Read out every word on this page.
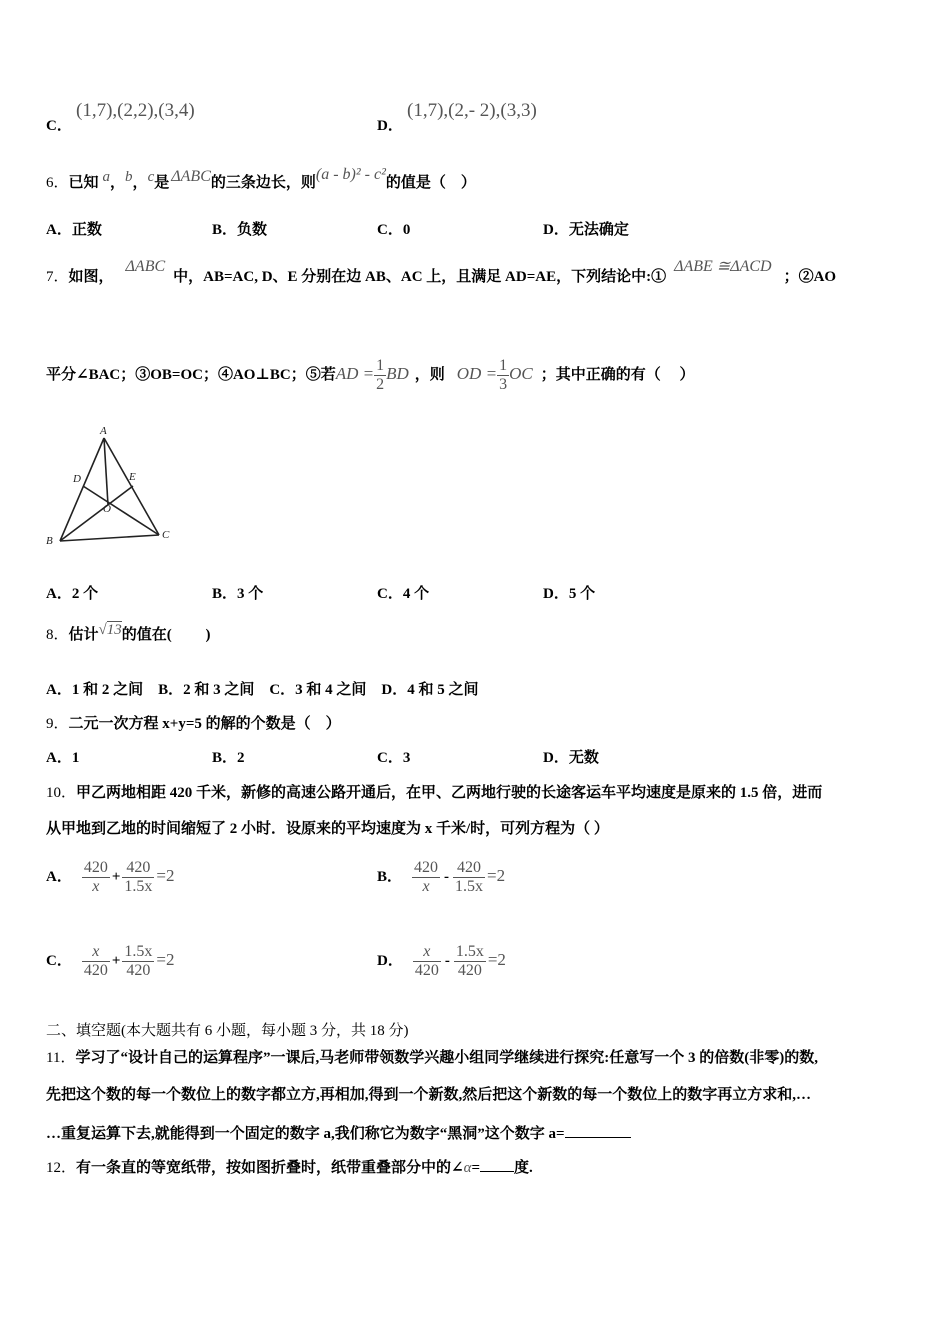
C．
(1,7),(2,2),(3,4)
D．
(1,7),(2,- 2),(3,3)
6．已知 a，b，c是 ΔABC的三条边长，则(a - b)² - c²的值是（　）
A．正数	B．负数	C．0	D．无法确定
7．如图，ΔABC中，AB=AC, D、E 分别在边 AB、AC 上，且满足 AD=AE，下列结论中:①ΔABE ≅ΔACD；②AO
平分∠BAC；③OB=OC；④AO⊥BC；⑤若AD = $\frac{1}{2}$ BD ，则 OD = $\frac{1}{3}$ OC ；其中正确的有（　 ）
A
B	C
D	E
O
A．2 个	B．3 个	C．4 个	D．5 个
8．估计√13的值在(　　 )
A．1 和 2 之间　B．2 和 3 之间　C．3 和 4 之间　D．4 和 5 之间
9．二元一次方程 x+y=5 的解的个数是（　）
A．1	B．2	C．3	D．无数
10．甲乙两地相距 420 千米，新修的高速公路开通后，在甲、乙两地行驶的长途客运车平均速度是原来的 1.5 倍，进而
从甲地到乙地的时间缩短了 2 小时．设原来的平均速度为 x 千米/时，可列方程为（ ）
A． $\frac{420}{x} + \frac{420}{1.5x} =2$	B． $\frac{420}{x} - \frac{420}{1.5x} =2$
C． $\frac{x}{420} + \frac{1.5x}{420} =2$	D． $\frac{x}{420} - \frac{1.5x}{420} =2$
二、填空题(本大题共有 6 小题，每小题 3 分，共 18 分)
11．学习了“设计自己的运算程序”一课后,马老师带领数学兴趣小组同学继续进行探究:任意写一个 3 的倍数(非零)的数,
先把这个数的每一个数位上的数字都立方,再相加,得到一个新数,然后把这个新数的每一个数位上的数字再立方求和,…
…重复运算下去,就能得到一个固定的数字 a,我们称它为数字“黑洞”这个数字 a=
12．有一条直的等宽纸带，按如图折叠时，纸带重叠部分中的∠α= 度.
